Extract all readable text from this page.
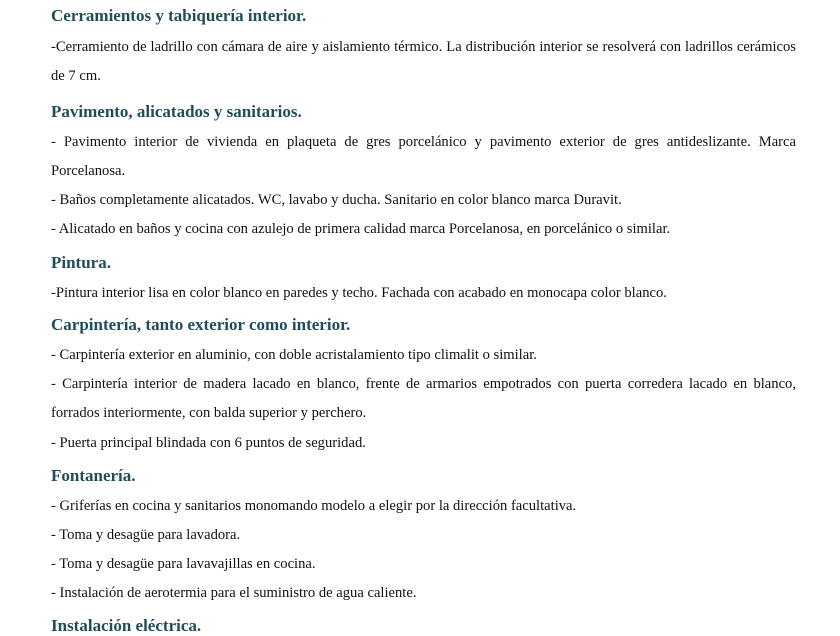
Cerramientos y tabiquería interior.

-Cerramiento de ladrillo con cámara de aire y aislamiento térmico. La distribución interior se resolverá con ladrillos cerámicos de 7 cm.

Pavimento, alicatados y sanitarios.

- Pavimento interior de vivienda en plaqueta de gres porcelánico y pavimento exterior de gres antideslizante. Marca Porcelanosa.

- Baños completamente alicatados. WC, lavabo y ducha. Sanitario en color blanco marca Duravit.

- Alicatado en baños y cocina con azulejo de primera calidad marca Porcelanosa, en porcelánico o similar.

Pintura.

-Pintura interior lisa en color blanco en paredes y techo. Fachada con acabado en monocapa color blanco.

Carpintería, tanto exterior como interior.

- Carpintería exterior en aluminio, con doble acristalamiento tipo climalit o similar.

- Carpintería interior de madera lacado en blanco, frente de armarios empotrados con puerta corredera lacado en blanco, forrados interiormente, con balda superior y perchero.

- Puerta principal blindada con 6 puntos de seguridad.

Fontanería.

- Griferías en cocina y sanitarios monomando modelo a elegir por la dirección facultativa.

- Toma y desagüe para lavadora.

- Toma y desagüe para lavavajillas en cocina.

- Instalación de aerotermia para el suministro de agua caliente.

Instalación eléctrica.
